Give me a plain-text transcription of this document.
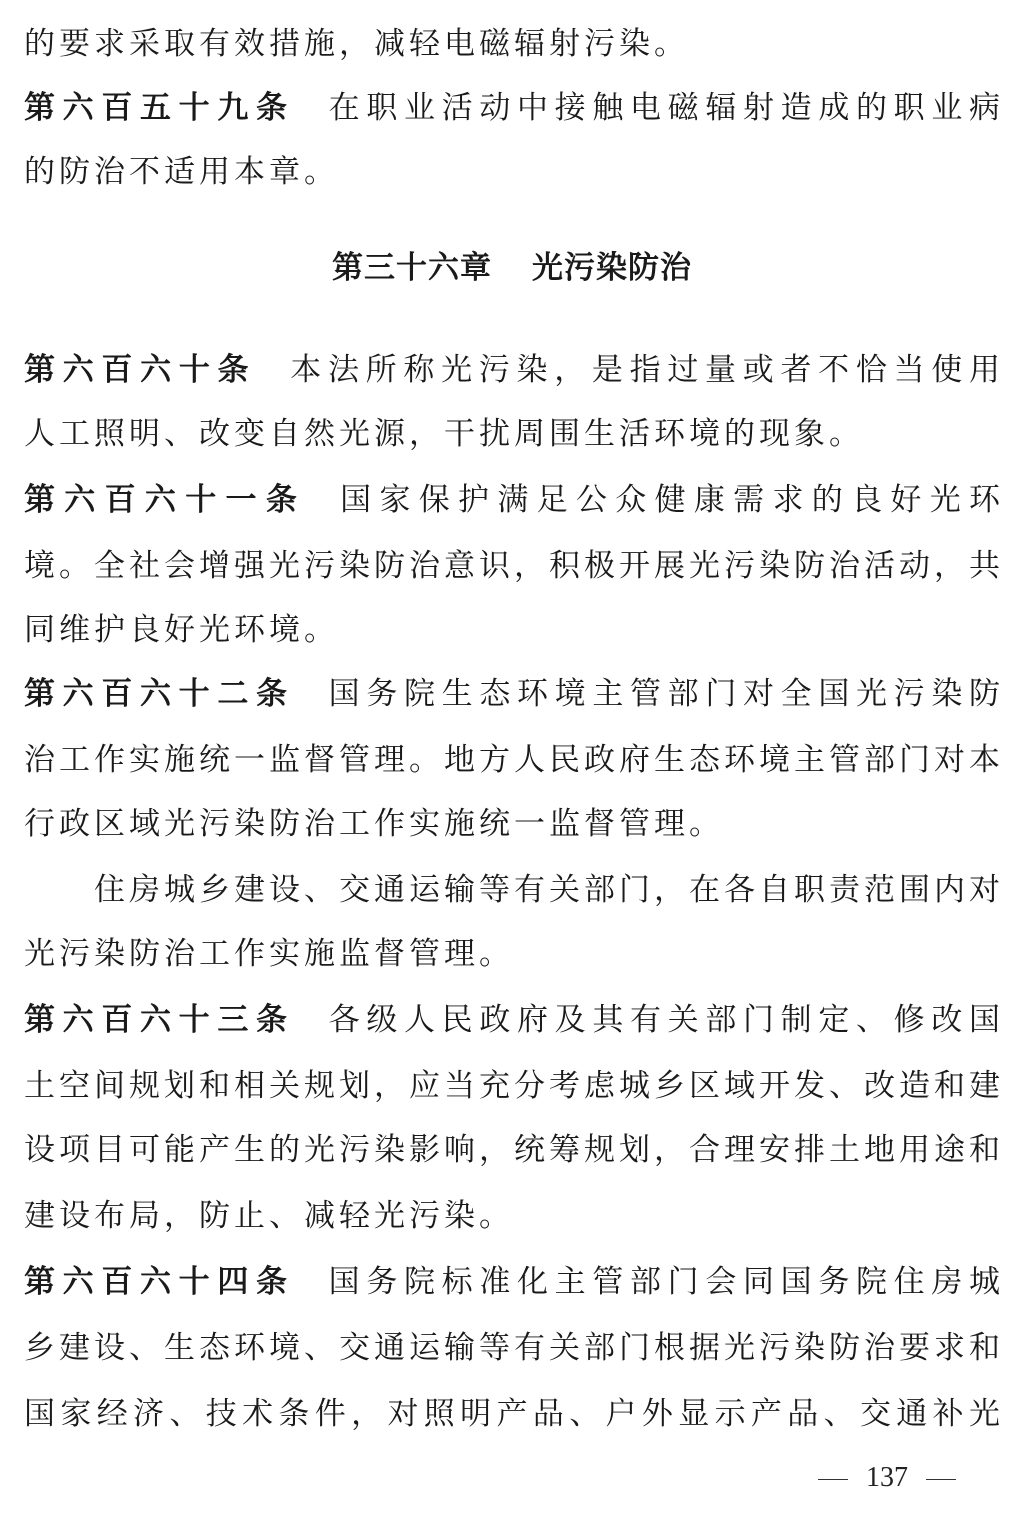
的要求采取有效措施，减轻电磁辐射污染。
第六百五十九条 在职业活动中接触电磁辐射造成的职业病
的防治不适用本章。
第六百六十条 本法所称光污染，是指过量或者不恰当使用
人工照明、改变自然光源，干扰周围生活环境的现象。
第六百六十一条 国家保护满足公众健康需求的良好光环
境。全社会增强光污染防治意识，积极开展光污染防治活动，共
同维护良好光环境。
第六百六十二条 国务院生态环境主管部门对全国光污染防
治工作实施统一监督管理。地方人民政府生态环境主管部门对本
行政区域光污染防治工作实施统一监督管理。
住房城乡建设、交通运输等有关部门，在各自职责范围内对
光污染防治工作实施监督管理。
第六百六十三条 各级人民政府及其有关部门制定、修改国
土空间规划和相关规划，应当充分考虑城乡区域开发、改造和建
设项目可能产生的光污染影响，统筹规划，合理安排土地用途和
建设布局，防止、减轻光污染。
第六百六十四条 国务院标准化主管部门会同国务院住房城
乡建设、生态环境、交通运输等有关部门根据光污染防治要求和
国家经济、技术条件，对照明产品、户外显示产品、交通补光
第三十六章 光污染防治
137
